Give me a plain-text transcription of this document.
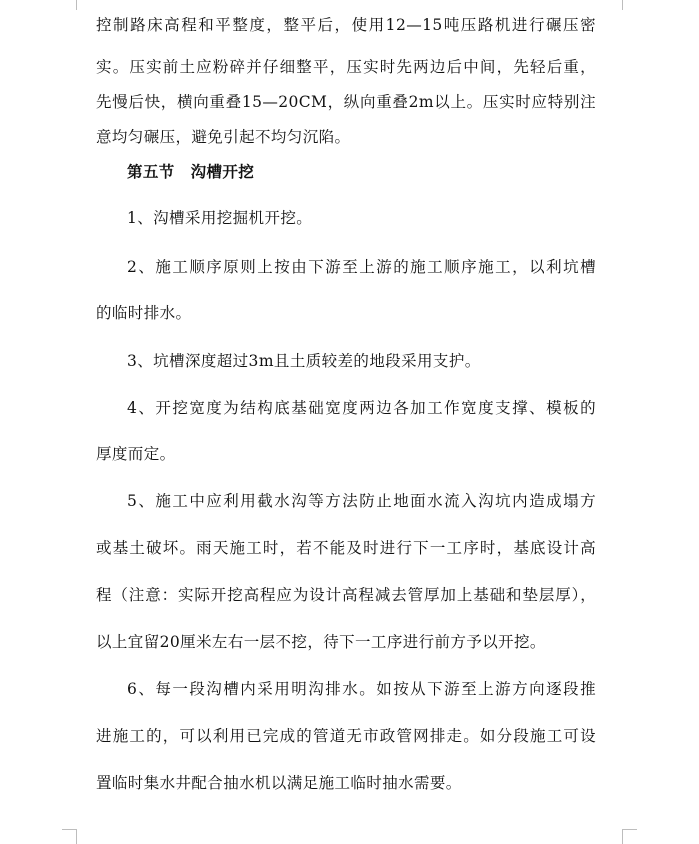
控制路床高程和平整度，整平后，使用12—15吨压路机进行碾压密
实。压实前土应粉碎并仔细整平，压实时先两边后中间，先轻后重，
先慢后快，横向重叠15—20CM，纵向重叠2m以上。压实时应特别注
意均匀碾压，避免引起不均匀沉陷。
第五节　沟槽开挖
1、沟槽采用挖掘机开挖。
2、施工顺序原则上按由下游至上游的施工顺序施工，以利坑槽
的临时排水。
3、坑槽深度超过3m且土质较差的地段采用支护。
4、开挖宽度为结构底基础宽度两边各加工作宽度支撑、模板的
厚度而定。
5、施工中应利用截水沟等方法防止地面水流入沟坑内造成塌方
或基土破坏。雨天施工时，若不能及时进行下一工序时，基底设计高
程（注意：实际开挖高程应为设计高程减去管厚加上基础和垫层厚），
以上宜留20厘米左右一层不挖，待下一工序进行前方予以开挖。
6、每一段沟槽内采用明沟排水。如按从下游至上游方向逐段推
进施工的，可以利用已完成的管道无市政管网排走。如分段施工可设
置临时集水井配合抽水机以满足施工临时抽水需要。
